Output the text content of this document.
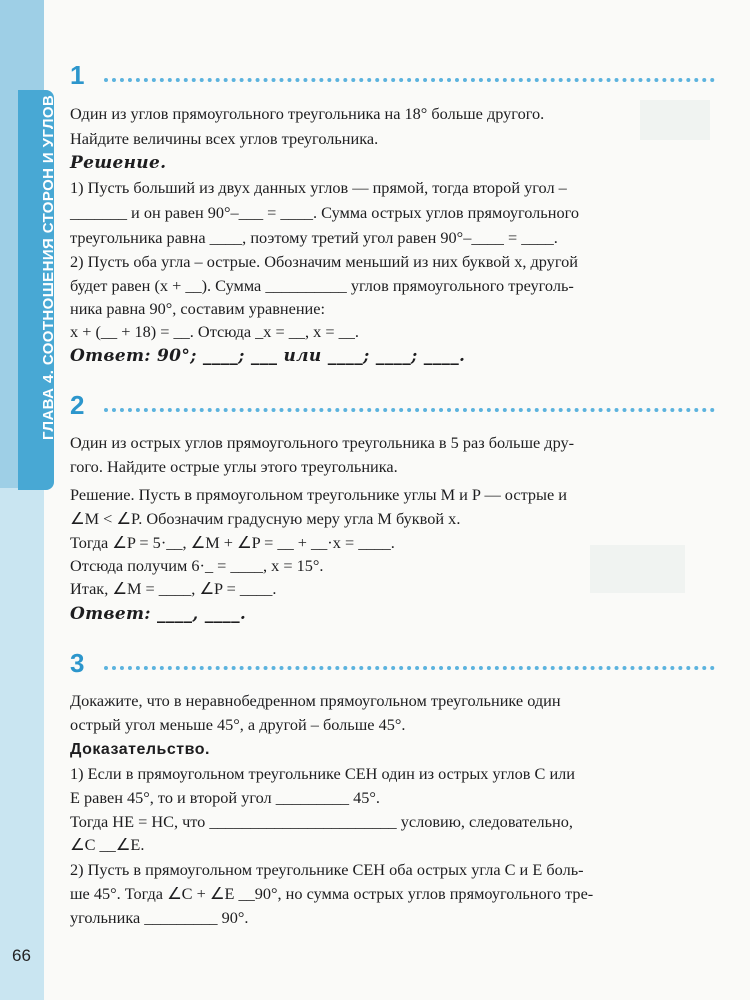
ГЛАВА 4. СООТНОШЕНИЯ СТОРОН И УГЛОВ
1
Один из углов прямоугольного треугольника на 18° больше другого.
Найдите величины всех углов треугольника.
Решение.
1) Пусть больший из двух данных углов — прямой, тогда второй угол –
_______ и он равен 90°–___ = ____. Сумма острых углов прямоугольного
треугольника равна ____, поэтому третий угол равен 90°–____ = ____.
2) Пусть оба угла – острые. Обозначим меньший из них буквой x, другой
будет равен (x + __). Сумма __________ углов прямоугольного треуголь-
ника равна 90°, составим уравнение:
x + (__ + 18) = __. Отсюда _x = __, x = __.
Ответ: 90°; ____; ___ или ____; ____; ____.
2
Один из острых углов прямоугольного треугольника в 5 раз больше дру-
гого. Найдите острые углы этого треугольника.
Решение. Пусть в прямоугольном треугольнике углы M и P — острые и
∠M < ∠P. Обозначим градусную меру угла M буквой x.
Тогда ∠P = 5·__, ∠M + ∠P = __ + __·x = ____.
Отсюда получим 6·_ = ____, x = 15°.
Итак, ∠M = ____, ∠P = ____.
Ответ: ____, ____.
3
Докажите, что в неравнобедренном прямоугольном треугольнике один
острый угол меньше 45°, а другой – больше 45°.
Доказательство.
1) Если в прямоугольном треугольнике CEH один из острых углов C или
E равен 45°, то и второй угол _________ 45°.
Тогда HE = HC, что _______________________ условию, следовательно,
∠C __∠E.
2) Пусть в прямоугольном треугольнике CEH оба острых угла C и E боль-
ше 45°. Тогда ∠C + ∠E __90°, но сумма острых углов прямоугольного тре-
угольника _________ 90°.
66
